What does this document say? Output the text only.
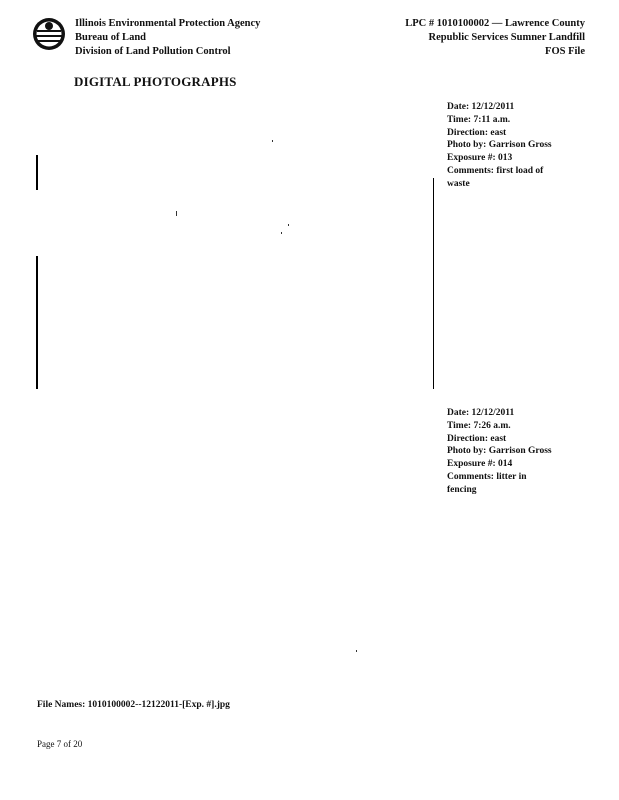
Illinois Environmental Protection Agency
Bureau of Land
Division of Land Pollution Control
LPC # 1010100002 — Lawrence County
Republic Services Sumner Landfill
FOS File
DIGITAL PHOTOGRAPHS
Date: 12/12/2011
Time: 7:11 a.m.
Direction: east
Photo by: Garrison Gross
Exposure #: 013
Comments: first load of
waste
Date: 12/12/2011
Time: 7:26 a.m.
Direction: east
Photo by: Garrison Gross
Exposure #: 014
Comments: litter in
fencing
File Names: 1010100002--12122011-[Exp. #].jpg
Page 7 of 20
